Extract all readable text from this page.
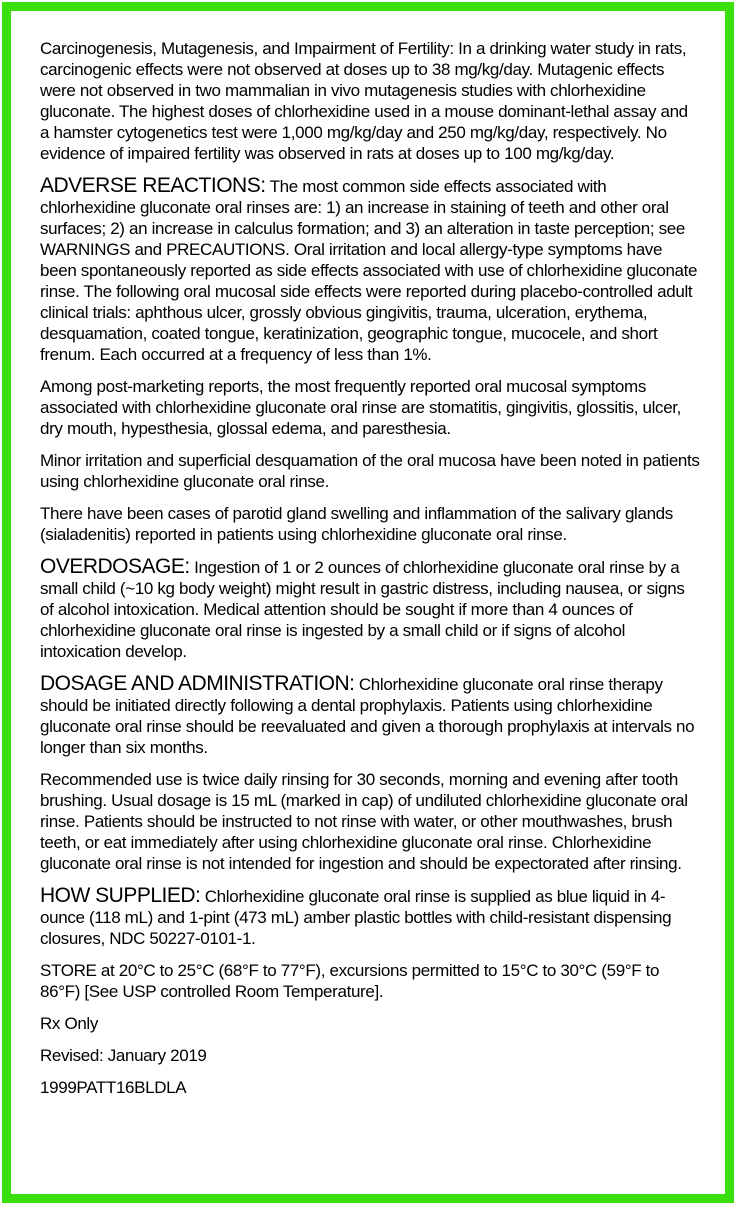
Carcinogenesis, Mutagenesis, and Impairment of Fertility: In a drinking water study in rats, carcinogenic effects were not observed at doses up to 38 mg/kg/day. Mutagenic effects were not observed in two mammalian in vivo mutagenesis studies with chlorhexidine gluconate. The highest doses of chlorhexidine used in a mouse dominant-lethal assay and a hamster cytogenetics test were 1,000 mg/kg/day and 250 mg/kg/day, respectively. No evidence of impaired fertility was observed in rats at doses up to 100 mg/kg/day.

ADVERSE REACTIONS: The most common side effects associated with chlorhexidine gluconate oral rinses are: 1) an increase in staining of teeth and other oral surfaces; 2) an increase in calculus formation; and 3) an alteration in taste perception; see WARNINGS and PRECAUTIONS. Oral irritation and local allergy-type symptoms have been spontaneously reported as side effects associated with use of chlorhexidine gluconate rinse. The following oral mucosal side effects were reported during placebo-controlled adult clinical trials: aphthous ulcer, grossly obvious gingivitis, trauma, ulceration, erythema, desquamation, coated tongue, keratinization, geographic tongue, mucocele, and short frenum. Each occurred at a frequency of less than 1%.

Among post-marketing reports, the most frequently reported oral mucosal symptoms associated with chlorhexidine gluconate oral rinse are stomatitis, gingivitis, glossitis, ulcer, dry mouth, hypesthesia, glossal edema, and paresthesia.

Minor irritation and superficial desquamation of the oral mucosa have been noted in patients using chlorhexidine gluconate oral rinse.

There have been cases of parotid gland swelling and inflammation of the salivary glands (sialadenitis) reported in patients using chlorhexidine gluconate oral rinse.

OVERDOSAGE: Ingestion of 1 or 2 ounces of chlorhexidine gluconate oral rinse by a small child (~10 kg body weight) might result in gastric distress, including nausea, or signs of alcohol intoxication. Medical attention should be sought if more than 4 ounces of chlorhexidine gluconate oral rinse is ingested by a small child or if signs of alcohol intoxication develop.

DOSAGE AND ADMINISTRATION: Chlorhexidine gluconate oral rinse therapy should be initiated directly following a dental prophylaxis. Patients using chlorhexidine gluconate oral rinse should be reevaluated and given a thorough prophylaxis at intervals no longer than six months.

Recommended use is twice daily rinsing for 30 seconds, morning and evening after tooth brushing. Usual dosage is 15 mL (marked in cap) of undiluted chlorhexidine gluconate oral rinse. Patients should be instructed to not rinse with water, or other mouthwashes, brush teeth, or eat immediately after using chlorhexidine gluconate oral rinse. Chlorhexidine gluconate oral rinse is not intended for ingestion and should be expectorated after rinsing.

HOW SUPPLIED: Chlorhexidine gluconate oral rinse is supplied as blue liquid in 4-ounce (118 mL) and 1-pint (473 mL) amber plastic bottles with child-resistant dispensing closures, NDC 50227-0101-1.

STORE at 20°C to 25°C (68°F to 77°F), excursions permitted to 15°C to 30°C (59°F to 86°F) [See USP controlled Room Temperature].

Rx Only

Revised: January 2019

1999PATT16BLDLA
